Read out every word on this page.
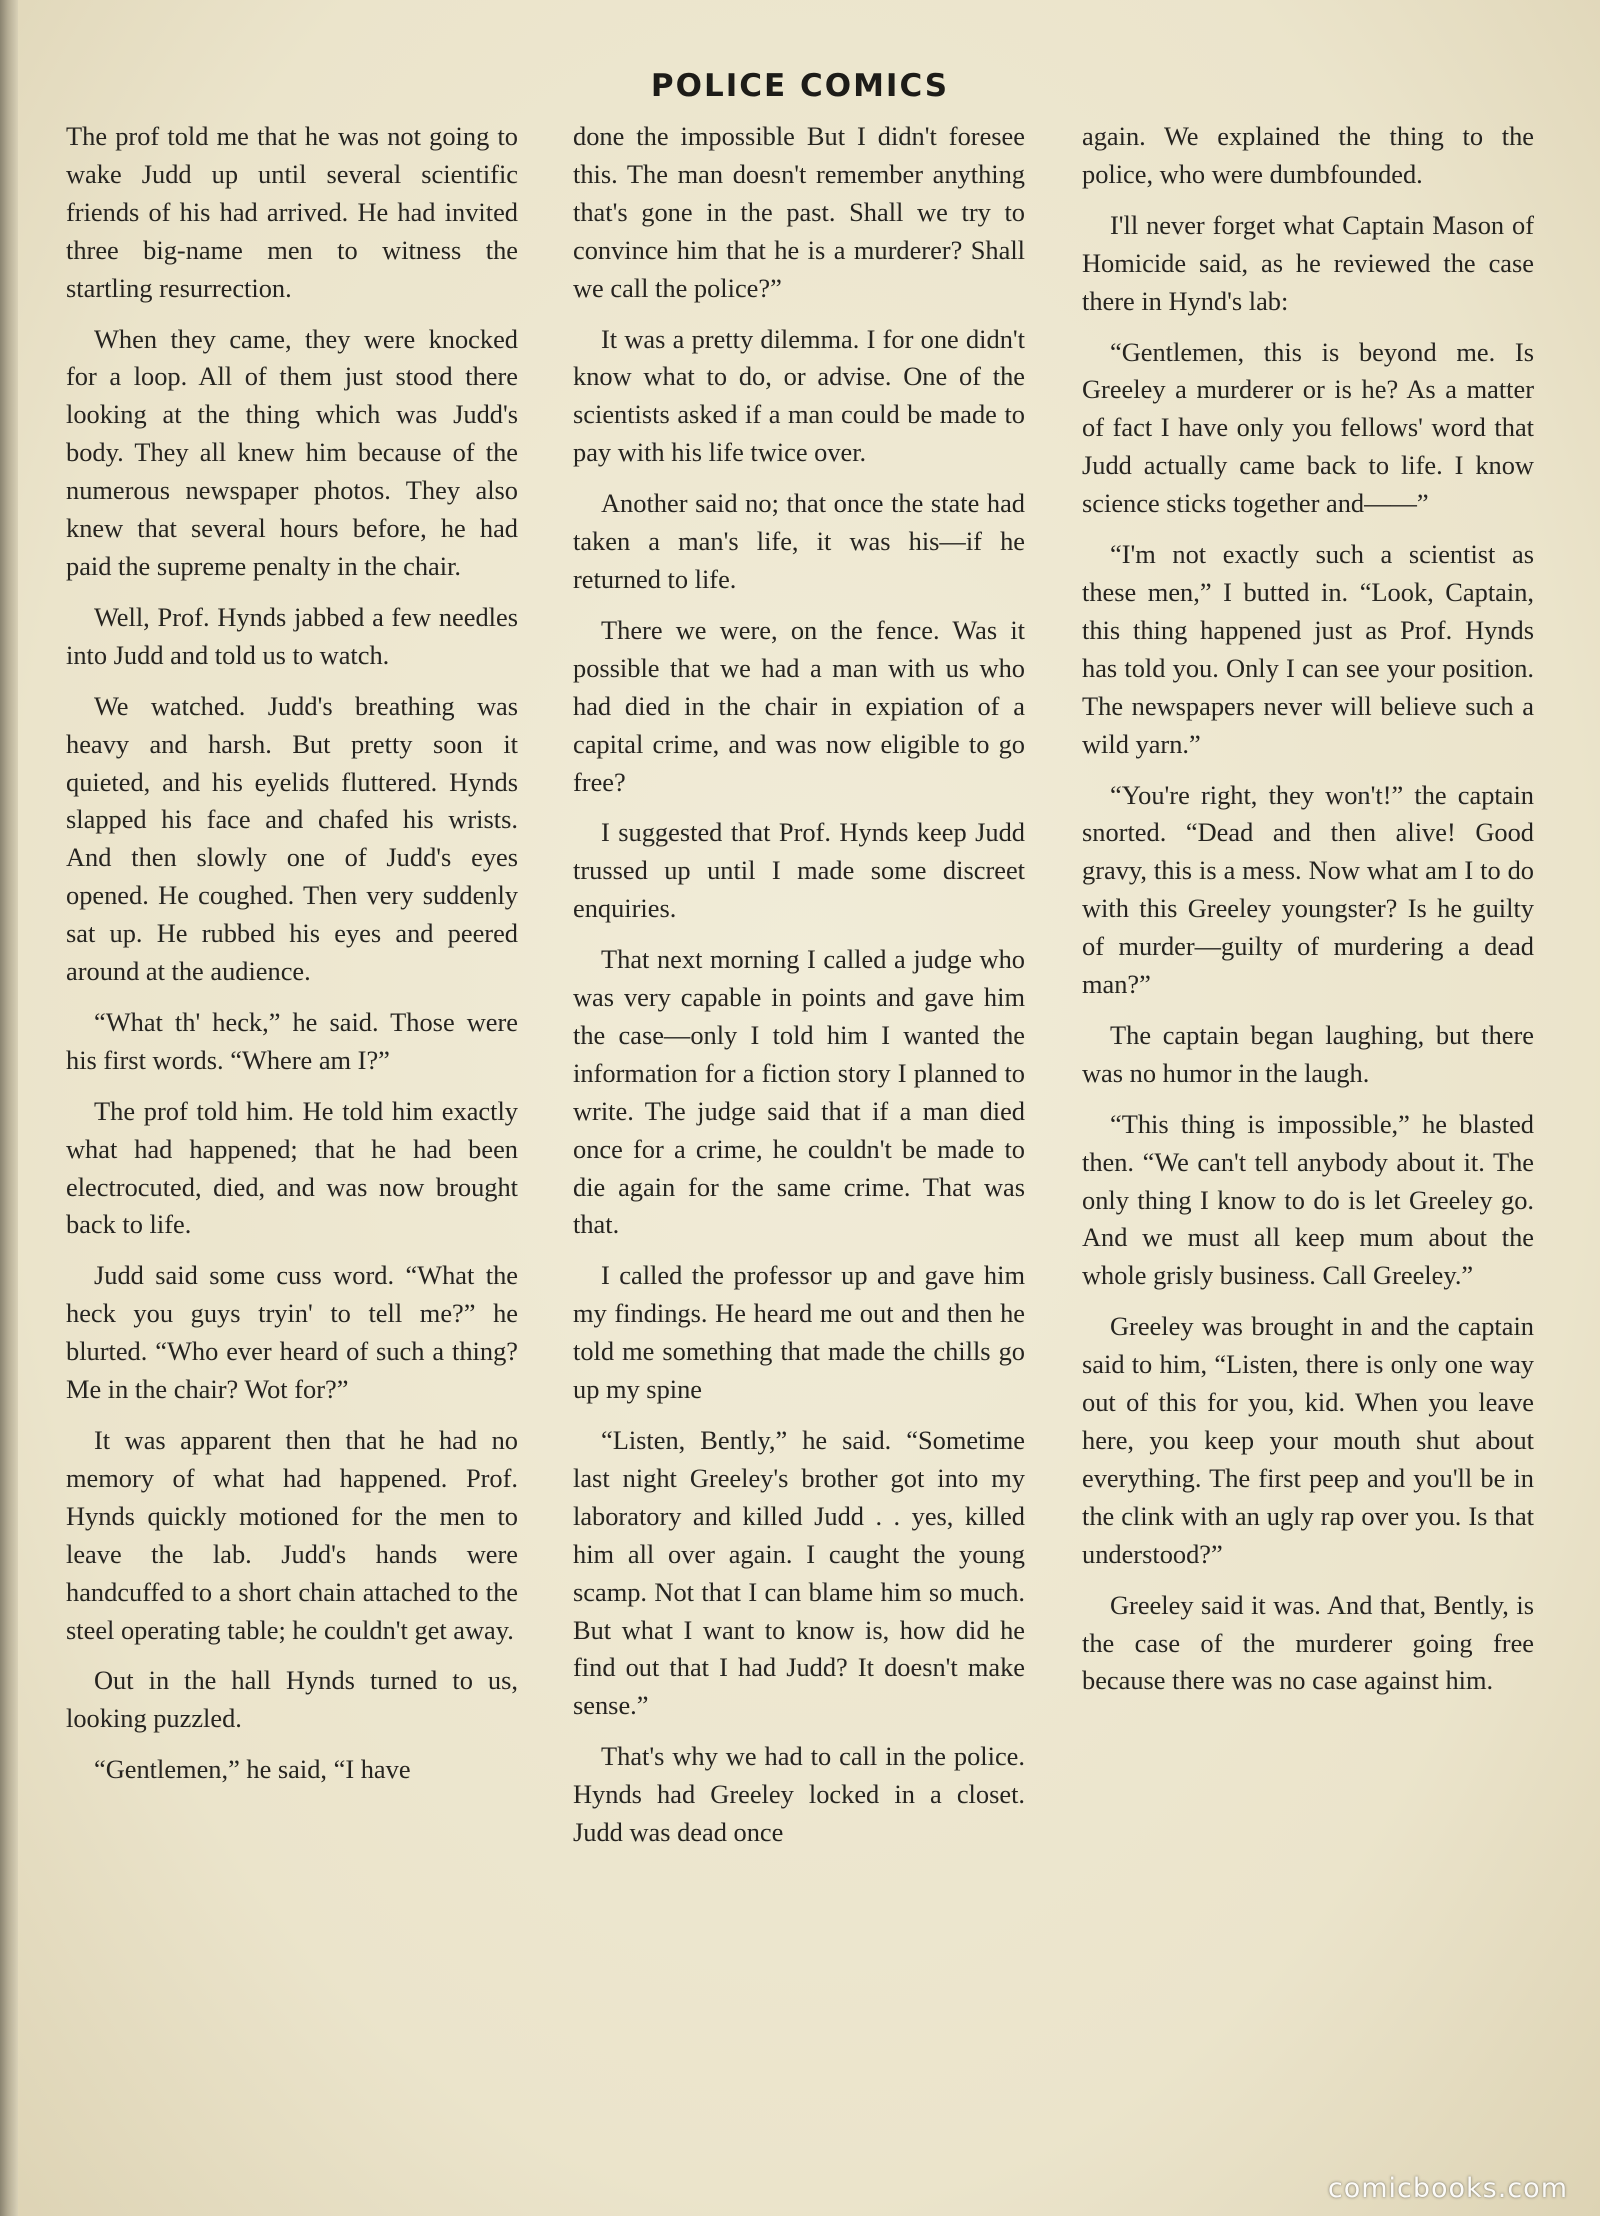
POLICE COMICS

The prof told me that he was not going to wake Judd up until several scientific friends of his had arrived. He had invited three big-name men to witness the startling resurrection.

When they came, they were knocked for a loop. All of them just stood there looking at the thing which was Judd's body. They all knew him because of the numerous newspaper photos. They also knew that several hours before, he had paid the supreme penalty in the chair.

Well, Prof. Hynds jabbed a few needles into Judd and told us to watch.

We watched. Judd's breathing was heavy and harsh. But pretty soon it quieted, and his eyelids fluttered. Hynds slapped his face and chafed his wrists. And then slowly one of Judd's eyes opened. He coughed. Then very suddenly sat up. He rubbed his eyes and peered around at the audience.

“What th' heck,” he said. Those were his first words. “Where am I?”

The prof told him. He told him exactly what had happened; that he had been electrocuted, died, and was now brought back to life.

Judd said some cuss word. “What the heck you guys tryin' to tell me?” he blurted. “Who ever heard of such a thing? Me in the chair? Wot for?”

It was apparent then that he had no memory of what had happened. Prof. Hynds quickly motioned for the men to leave the lab. Judd's hands were handcuffed to a short chain attached to the steel operating table; he couldn't get away.

Out in the hall Hynds turned to us, looking puzzled.

“Gentlemen,” he said, “I have

done the impossible But I didn't foresee this. The man doesn't remember anything that's gone in the past. Shall we try to convince him that he is a murderer? Shall we call the police?”

It was a pretty dilemma. I for one didn't know what to do, or advise. One of the scientists asked if a man could be made to pay with his life twice over.

Another said no; that once the state had taken a man's life, it was his—if he returned to life.

There we were, on the fence. Was it possible that we had a man with us who had died in the chair in expiation of a capital crime, and was now eligible to go free?

I suggested that Prof. Hynds keep Judd trussed up until I made some discreet enquiries.

That next morning I called a judge who was very capable in points and gave him the case—only I told him I wanted the information for a fiction story I planned to write. The judge said that if a man died once for a crime, he couldn't be made to die again for the same crime. That was that.

I called the professor up and gave him my findings. He heard me out and then he told me something that made the chills go up my spine

“Listen, Bently,” he said. “Sometime last night Greeley's brother got into my laboratory and killed Judd . . yes, killed him all over again. I caught the young scamp. Not that I can blame him so much. But what I want to know is, how did he find out that I had Judd? It doesn't make sense.”

That's why we had to call in the police. Hynds had Greeley locked in a closet. Judd was dead once

again. We explained the thing to the police, who were dumbfounded.

I'll never forget what Captain Mason of Homicide said, as he reviewed the case there in Hynd's lab:

“Gentlemen, this is beyond me. Is Greeley a murderer or is he? As a matter of fact I have only you fellows' word that Judd actually came back to life. I know science sticks together and——”

“I'm not exactly such a scientist as these men,” I butted in. “Look, Captain, this thing happened just as Prof. Hynds has told you. Only I can see your position. The newspapers never will believe such a wild yarn.”

“You're right, they won't!” the captain snorted. “Dead and then alive! Good gravy, this is a mess. Now what am I to do with this Greeley youngster? Is he guilty of murder—guilty of murdering a dead man?”

The captain began laughing, but there was no humor in the laugh.

“This thing is impossible,” he blasted then. “We can't tell anybody about it. The only thing I know to do is let Greeley go. And we must all keep mum about the whole grisly business. Call Greeley.”

Greeley was brought in and the captain said to him, “Listen, there is only one way out of this for you, kid. When you leave here, you keep your mouth shut about everything. The first peep and you'll be in the clink with an ugly rap over you. Is that understood?”

Greeley said it was. And that, Bently, is the case of the murderer going free because there was no case against him.

comicbooks.com
